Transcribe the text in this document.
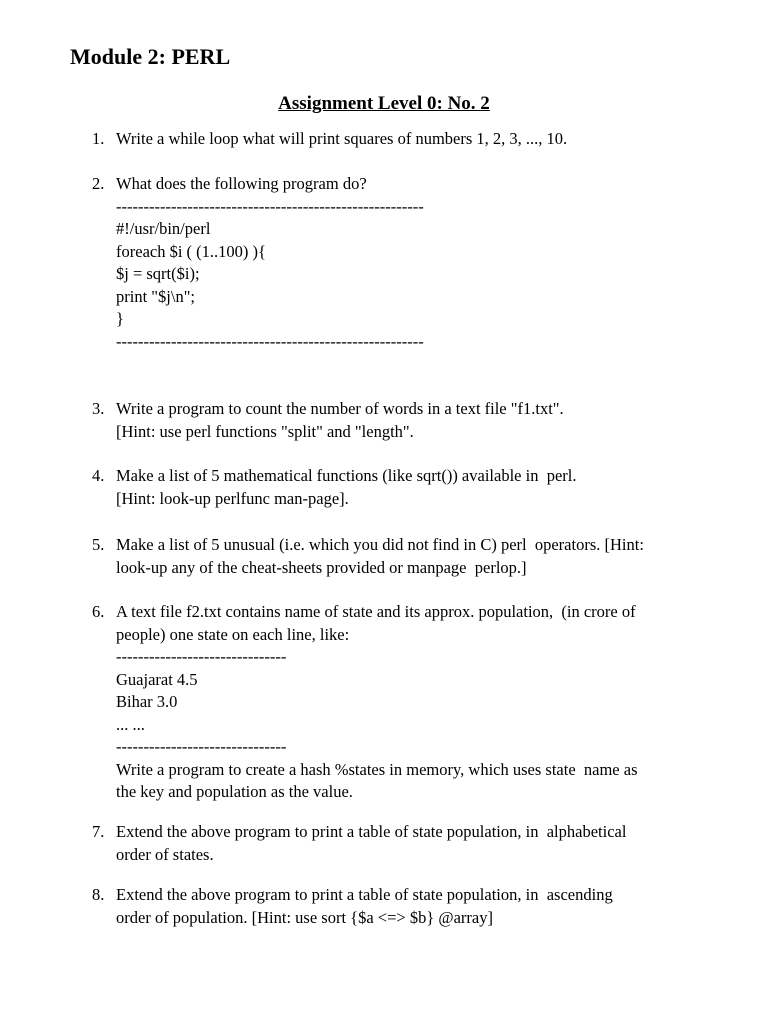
Module 2: PERL
Assignment Level 0: No. 2
1. Write a while loop what will print squares of numbers 1, 2, 3, ..., 10.
2. What does the following program do?
--------------------------------------------------------
#!/usr/bin/perl
foreach $i ( (1..100) ){
$j = sqrt($i);
print "$j\n";
}
--------------------------------------------------------
3. Write a program to count the number of words in a text file "f1.txt".
[Hint: use perl functions "split" and "length".
4. Make a list of 5 mathematical functions (like sqrt()) available in  perl.
[Hint: look-up perlfunc man-page].
5. Make a list of 5 unusual (i.e. which you did not find in C) perl  operators. [Hint:
look-up any of the cheat-sheets provided or manpage  perlop.]
6. A text file f2.txt contains name of state and its approx. population,  (in crore of
people) one state on each line, like:
-------------------------------
Guajarat 4.5
Bihar 3.0
... ...
-------------------------------
Write a program to create a hash %states in memory, which uses state  name as
the key and population as the value.
7. Extend the above program to print a table of state population, in  alphabetical
order of states.
8. Extend the above program to print a table of state population, in  ascending
order of population. [Hint: use sort {$a <=> $b} @array]
